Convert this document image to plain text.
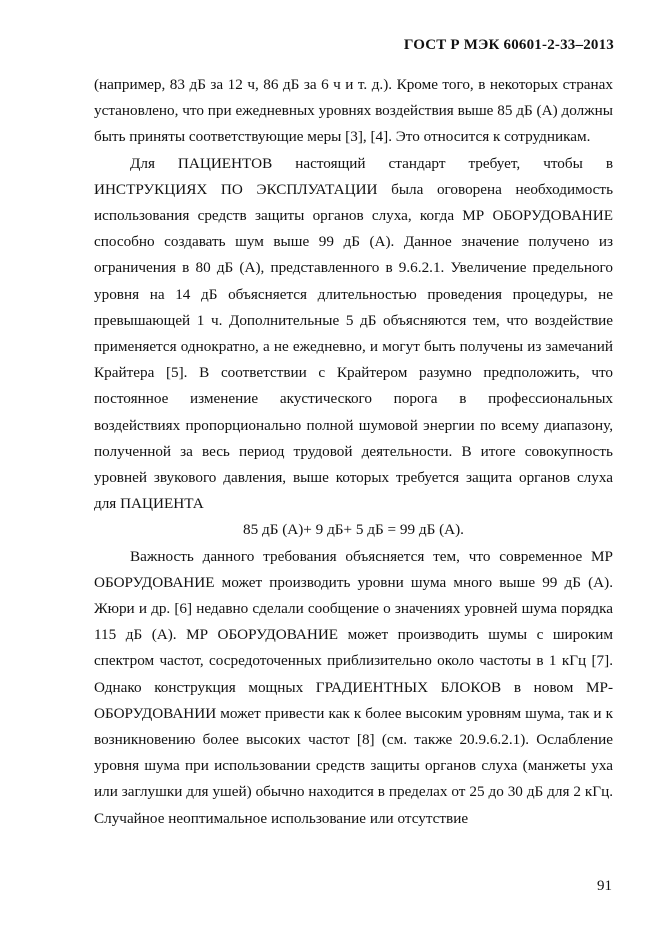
ГОСТ Р МЭК 60601-2-33–2013

(например, 83 дБ за 12 ч, 86 дБ за 6 ч и т. д.). Кроме того, в некоторых странах установлено, что при ежедневных уровнях воздействия выше 85 дБ (A) должны быть приняты соответствующие меры [3], [4]. Это относится к сотрудникам.

Для ПАЦИЕНТОВ настоящий стандарт требует, чтобы в ИНСТРУКЦИЯХ ПО ЭКСПЛУАТАЦИИ была оговорена необходимость использования средств защиты органов слуха, когда МР ОБОРУДОВАНИЕ способно создавать шум выше 99 дБ (A). Данное значение получено из ограничения в 80 дБ (A), представленного в 9.6.2.1. Увеличение предельного уровня на 14 дБ объясняется длительностью проведения процедуры, не превышающей 1 ч. Дополнительные 5 дБ объясняются тем, что воздействие применяется однократно, а не ежедневно, и могут быть получены из замечаний Крайтера [5]. В соответствии с Крайтером разумно предположить, что постоянное изменение акустического порога в профессиональных воздействиях пропорционально полной шумовой энергии по всему диапазону, полученной за весь период трудовой деятельности. В итоге совокупность уровней звукового давления, выше которых требуется защита органов слуха для ПАЦИЕНТА

85 дБ (A)+ 9 дБ+ 5 дБ = 99 дБ (A).

Важность данного требования объясняется тем, что современное МР ОБОРУДОВАНИЕ может производить уровни шума много выше 99 дБ (A). Жюри и др. [6] недавно сделали сообщение о значениях уровней шума порядка 115 дБ (A). МР ОБОРУДОВАНИЕ может производить шумы с широким спектром частот, сосредоточенных приблизительно около частоты в 1 кГц [7]. Однако конструкция мощных ГРАДИЕНТНЫХ БЛОКОВ в новом МР-ОБОРУДОВАНИИ может привести как к более высоким уровням шума, так и к возникновению более высоких частот [8] (см. также 20.9.6.2.1). Ослабление уровня шума при использовании средств защиты органов слуха (манжеты уха или заглушки для ушей) обычно находится в пределах от 25 до 30 дБ для 2 кГц. Случайное неоптимальное использование или отсутствие

91
